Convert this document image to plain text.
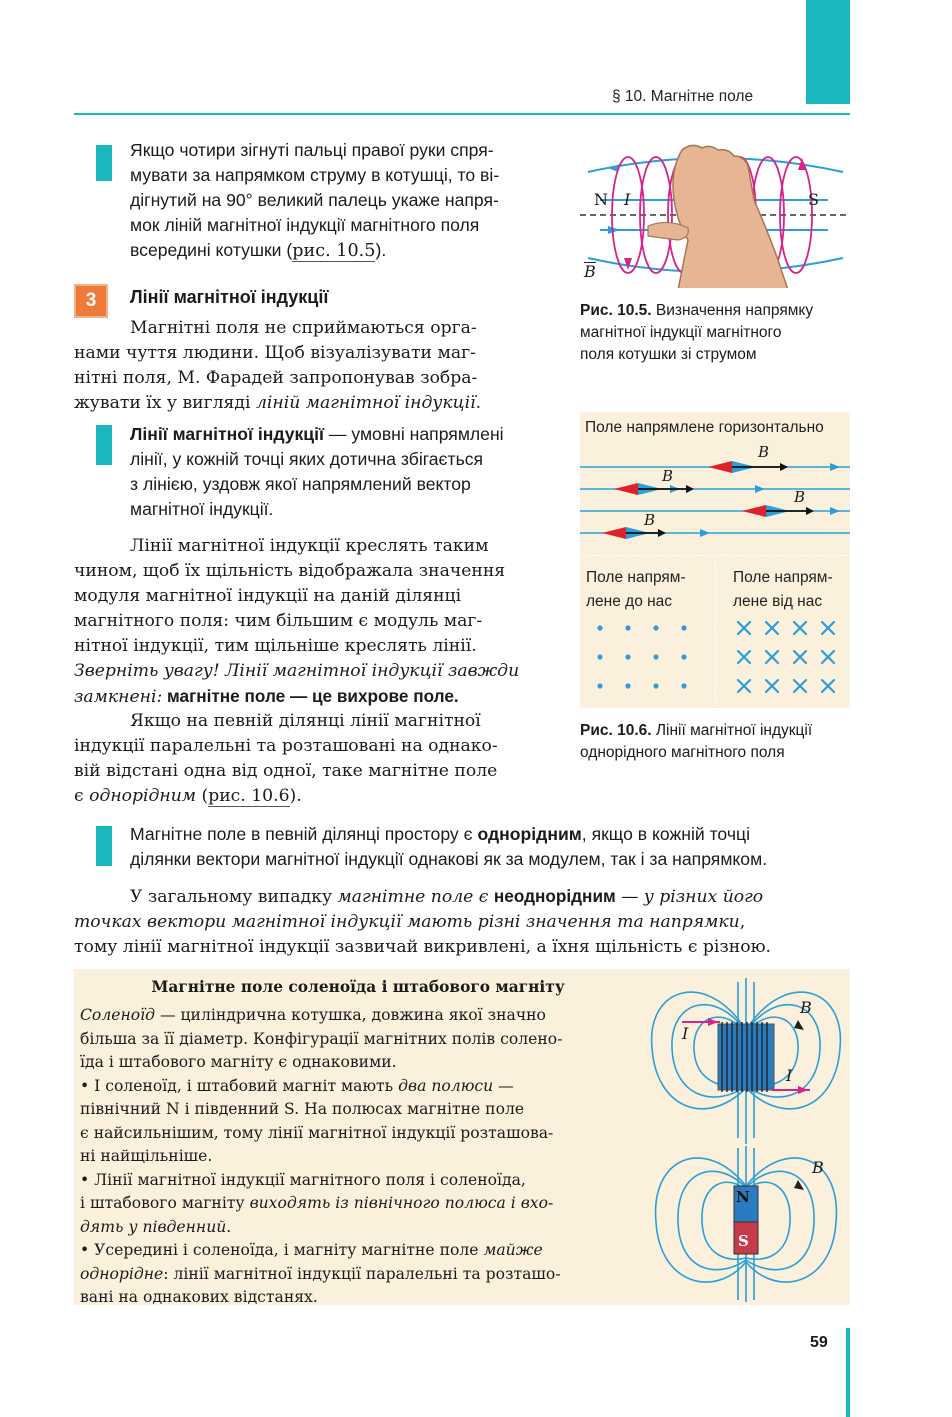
§ 10. Магнітне поле
Якщо чотири зігнуті пальці правої руки спря-
мувати за напрямком струму в котушці, то ві-
дігнутий на 90° великий палець укаже напря-
мок ліній магнітної індукції магнітного поля
всередині котушки (рис. 10.5).
3	Лінії магнітної індукції
Магнітні поля не сприймаються орга-
нами чуття людини. Щоб візуалізувати маг-
нітні поля, М. Фарадей запропонував зобра-
жувати їх у вигляді ліній магнітної індукції.
Лінії магнітної індукції — умовні напрямлені
лінії, у кожній точці яких дотична збігається
з лінією, уздовж якої напрямлений вектор
магнітної індукції.
Лінії магнітної індукції креслять таким
чином, щоб їх щільність відображала значення
модуля магнітної індукції на даній ділянці
магнітного поля: чим більшим є модуль маг-
нітної індукції, тим щільніше креслять лінії.
Зверніть увагу! Лінії магнітної індукції завжди
замкнені: магнітне поле — це вихрове поле.
Якщо на певній ділянці лінії магнітної
індукції паралельні та розташовані на однако-
вій відстані одна від одної, таке магнітне поле
є однорідним (рис. 10.6).
N I	S
B
Рис. 10.5. Визначення напрямку
магнітної індукції магнітного
поля котушки зі струмом
Поле напрямлене горизонтально
B
B
B
B
Поле напрям-
лене до нас
Поле напрям-
лене від нас
Рис. 10.6. Лінії магнітної індукції
однорідного магнітного поля
Магнітне поле в певній ділянці простору є однорідним, якщо в кожній точці
ділянки вектори магнітної індукції однакові як за модулем, так і за напрямком.
У загальному випадку магнітне поле є неоднорідним — у різних його
точках вектори магнітної індукції мають різні значення та напрямки,
тому лінії магнітної індукції зазвичай викривлені, а їхня щільність є різною.
Магнітне поле соленоїда і штабового магніту
Соленоїд — циліндрична котушка, довжина якої значно
більша за її діаметр. Конфігурації магнітних полів солено-
їда і штабового магніту є однаковими.
• І соленоїд, і штабовий магніт мають два полюси —
північний N і південний S. На полюсах магнітне поле
є найсильнішим, тому лінії магнітної індукції розташова-
ні найщільніше.
• Лінії магнітної індукції магнітного поля і соленоїда,
і штабового магніту виходять із північного полюса і вхо-
дять у південний.
• Усередині і соленоїда, і магніту магнітне поле майже
однорідне: лінії магнітної індукції паралельні та розташо-
вані на однакових відстанях.
I
I
B
N
S
B
59
